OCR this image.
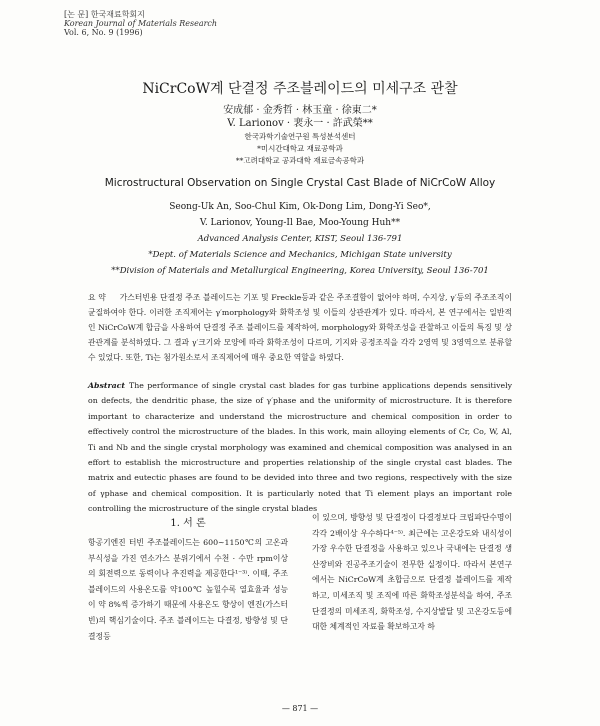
[논 문] 한국재료학회지
Korean Journal of Materials Research
Vol. 6, No. 9 (1996)
NiCrCoW계 단결정 주조블레이드의 미세구조 관찰
安成郁 · 金秀哲 · 林玉童 · 徐東二*
V. Larionov · 裵永一 · 許武榮**
한국과학기술연구원 특성분석센터
*미시간대학교 재료공학과
**고려대학교 공과대학 재료금속공학과
Microstructural Observation on Single Crystal Cast Blade of NiCrCoW Alloy
Seong-Uk An, Soo-Chul Kim, Ok-Dong Lim, Dong-Yi Seo*,
V. Larionov, Young-Il Bae, Moo-Young Huh**
Advanced Analysis Center, KIST, Seoul 136-791
*Dept. of Materials Science and Mechanics, Michigan State university
**Division of Materials and Metallurgical Engineering, Korea University, Seoul 136-701
요 약 가스터빈용 단결정 주조 블레이드는 기포 및 Freckle등과 같은 주조결함이 없어야 하며, 수지상, γ′등의 주조조직이 균질하여야 한다. 이러한 조직제어는 γ′morphology와 화학조성 및 이들의 상관관계가 있다. 따라서, 본 연구에서는 일반적인 NiCrCoW계 합금을 사용하여 단결정 주조 블레이드를 제작하여, morphology와 화학조성을 관찰하고 이들의 특징 및 상관관계를 분석하였다. 그 결과 γ′크기와 모양에 따라 화학조성이 다르며, 기지와 공정조직을 각각 2영역 및 3영역으로 분류할 수 있었다. 또한, Ti는 첨가원소로서 조직제어에 매우 중요한 역할을 하였다.
Abstract The performance of single crystal cast blades for gas turbine applications depends sensitively on defects, the dendritic phase, the size of γ′phase and the uniformity of microstructure. It is therefore important to characterize and understand the microstructure and chemical composition in order to effectively control the microstructure of the blades. In this work, main alloying elements of Cr, Co, W, Al, Ti and Nb and the single crystal morphology was examined and chemical composition was analysed in an effort to establish the microstructure and properties relationship of the single crystal cast blades. The matrix and eutectic phases are found to be devided into three and two regions, respectively with the size of γphase and chemical composition. It is particularly noted that Ti element plays an important role controlling the microstructure of the single crystal blades
1. 서 론
항공기엔진 터빈 주조블레이드는 600~1150℃의 고온과 부식성을 가진 연소가스 분위기에서 수천 · 수만 rpm이상의 회전력으로 동력이나 추진력을 제공한다¹⁻³⁾. 이때, 주조 블레이드의 사용온도를 약100℃ 높힐수록 열효율과 성능이 약 8%씩 증가하기 때문에 사용온도 향상이 엔진(가스터빈)의 핵심기술이다. 주조 블레이드는 다결정, 방향성 및 단결정등
이 있으며, 방향성 및 단결정이 다결정보다 크립파단수명이 각각 2배이상 우수하다⁴⁻⁵⁾. 최근에는 고온강도와 내식성이 가장 우수한 단결정을 사용하고 있으나 국내에는 단결정 생산장비와 진공주조기술이 전무한 실정이다. 따라서 본연구에서는 NiCrCoW계 초합금으로 단결정 블레이드를 제작하고, 미세조직 및 조직에 따른 화학조성분석을 하여, 주조 단결정의 미세조직, 화학조성, 수지상발달 및 고온강도등에 대한 체계적인 자료를 확보하고자 하
— 871 —
